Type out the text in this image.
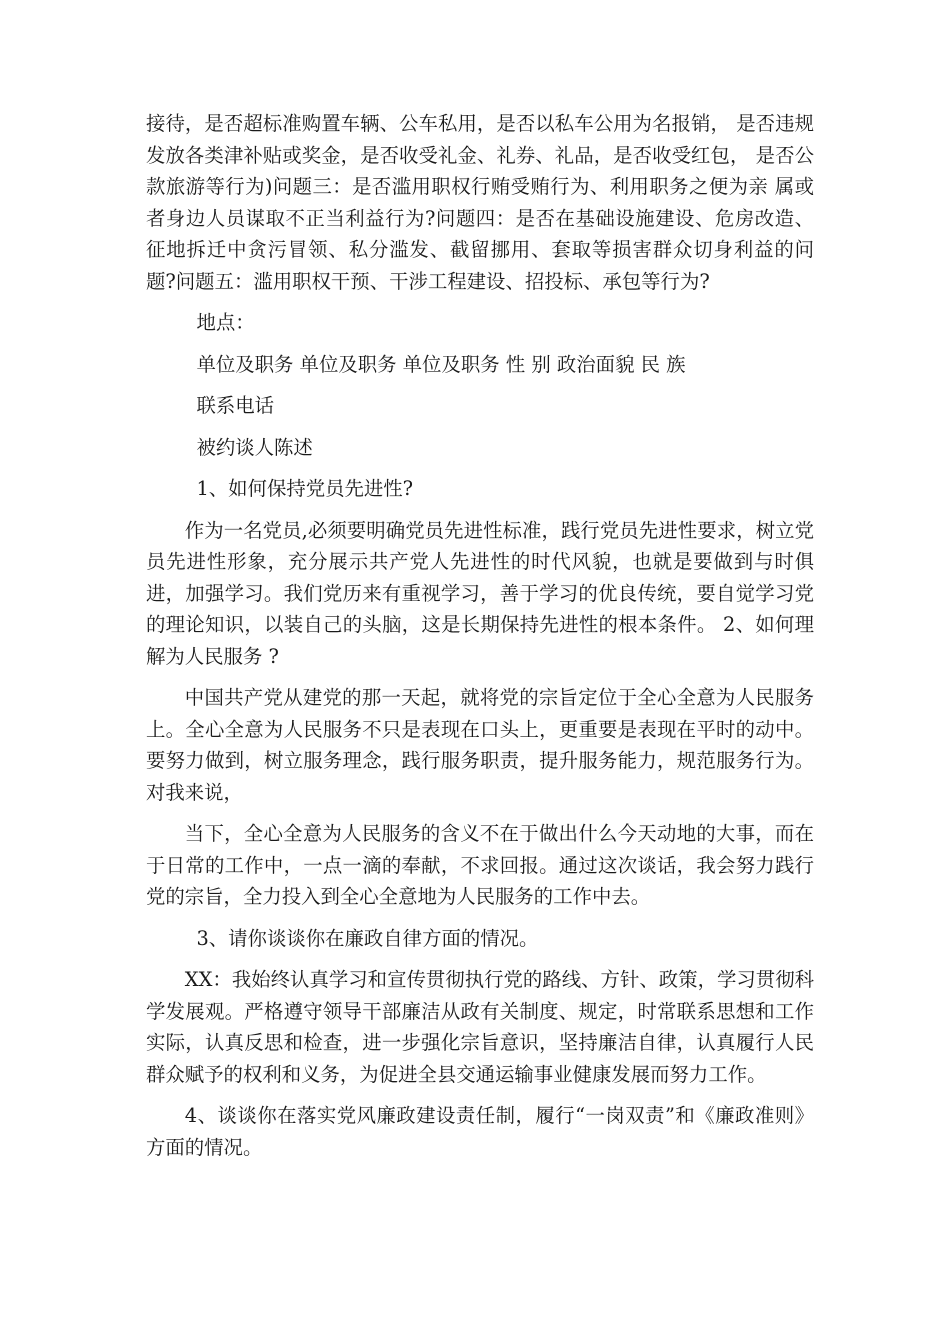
接待，是否超标准购置车辆、公车私用，是否以私车公用为名报销， 是否违规发放各类津补贴或奖金，是否收受礼金、礼券、礼品，是否收受红包， 是否公款旅游等行为)问题三：是否滥用职权行贿受贿行为、利用职务之便为亲 属或者身边人员谋取不正当利益行为?问题四：是否在基础设施建设、危房改造、征地拆迁中贪污冒领、私分滥发、截留挪用、套取等损害群众切身利益的问题?问题五：滥用职权干预、干涉工程建设、招投标、承包等行为?

地点：

单位及职务 单位及职务 单位及职务 性 别 政治面貌 民 族

联系电话

被约谈人陈述

1、如何保持党员先进性?

作为一名党员,必须要明确党员先进性标准，践行党员先进性要求，树立党员先进性形象，充分展示共产党人先进性的时代风貌，也就是要做到与时俱进，加强学习。我们党历来有重视学习，善于学习的优良传统，要自觉学习党的理论知识，以装自己的头脑，这是长期保持先进性的根本条件。 2、如何理解为人民服务 ?

中国共产党从建党的那一天起，就将党的宗旨定位于全心全意为人民服务上。全心全意为人民服务不只是表现在口头上，更重要是表现在平时的动中。要努力做到，树立服务理念，践行服务职责，提升服务能力，规范服务行为。对我来说，

当下，全心全意为人民服务的含义不在于做出什么今天动地的大事，而在于日常的工作中，一点一滴的奉献，不求回报。通过这次谈话，我会努力践行党的宗旨，全力投入到全心全意地为人民服务的工作中去。

3、请你谈谈你在廉政自律方面的情况。

XX：我始终认真学习和宣传贯彻执行党的路线、方针、政策，学习贯彻科学发展观。严格遵守领导干部廉洁从政有关制度、规定，时常联系思想和工作实际，认真反思和检查，进一步强化宗旨意识，坚持廉洁自律，认真履行人民群众赋予的权利和义务，为促进全县交通运输事业健康发展而努力工作。

4、谈谈你在落实党风廉政建设责任制，履行“一岗双责”和《廉政准则》方面的情况。
